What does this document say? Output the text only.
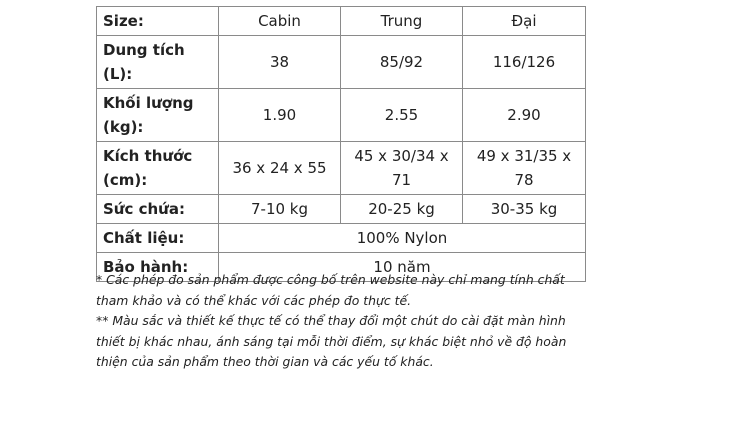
Size:	Cabin	Trung	Đại
Dung tích (L):	38	85/92	116/126
Khối lượng (kg):	1.90	2.55	2.90
Kích thước (cm):	36 x 24 x 55	45 x 30/34 x 71	49 x 31/35 x 78
Sức chứa:	7-10 kg	20-25 kg	30-35 kg
Chất liệu:	100% Nylon		
Bảo hành:	10 năm		

* Các phép đo sản phẩm được công bố trên website này chỉ mang tính chất tham khảo và có thể khác với các phép đo thực tế.

** Màu sắc và thiết kế thực tế có thể thay đổi một chút do cài đặt màn hình thiết bị khác nhau, ánh sáng tại mỗi thời điểm, sự khác biệt nhỏ về độ hoàn thiện của sản phẩm theo thời gian và các yếu tố khác.
